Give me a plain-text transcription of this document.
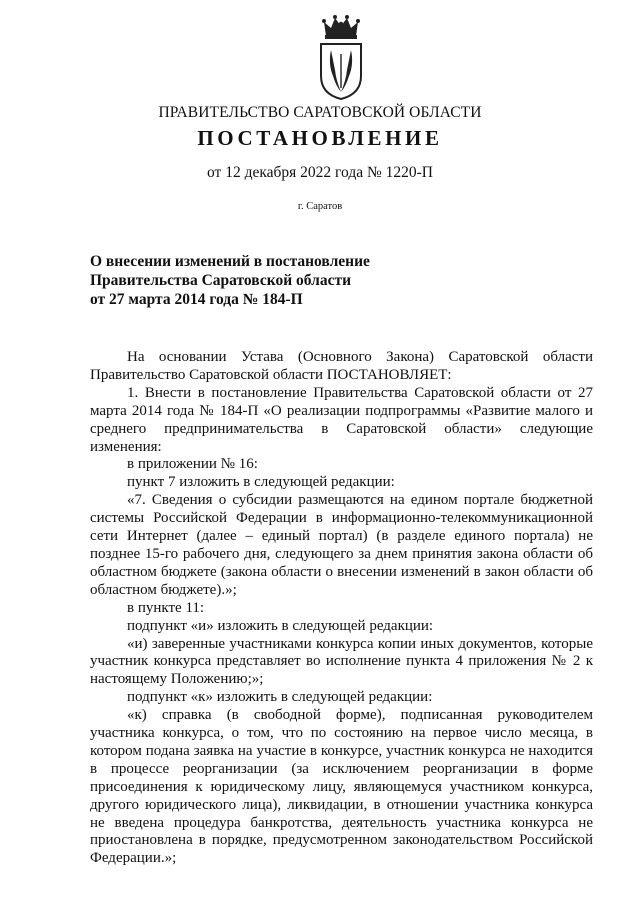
ПРАВИТЕЛЬСТВО САРАТОВСКОЙ ОБЛАСТИ
ПОСТАНОВЛЕНИЕ
от 12 декабря 2022 года № 1220-П
г. Саратов
О внесении изменений в постановление
Правительства Саратовской области
от 27 марта 2014 года № 184-П
На основании Устава (Основного Закона) Саратовской области Правительство Саратовской области ПОСТАНОВЛЯЕТ:
1. Внести в постановление Правительства Саратовской области от 27 марта 2014 года № 184-П «О реализации подпрограммы «Развитие малого и среднего предпринимательства в Саратовской области» следующие изменения:
в приложении № 16:
пункт 7 изложить в следующей редакции:
«7. Сведения о субсидии размещаются на едином портале бюджетной системы Российской Федерации в информационно-телекоммуникационной сети Интернет (далее – единый портал) (в разделе единого портала) не позднее 15-го рабочего дня, следующего за днем принятия закона области об областном бюджете (закона области о внесении изменений в закон области об областном бюджете).»;
в пункте 11:
подпункт «и» изложить в следующей редакции:
«и) заверенные участниками конкурса копии иных документов, которые участник конкурса представляет во исполнение пункта 4 приложения № 2 к настоящему Положению;»;
подпункт «к» изложить в следующей редакции:
«к) справка (в свободной форме), подписанная руководителем участника конкурса, о том, что по состоянию на первое число месяца, в котором подана заявка на участие в конкурсе, участник конкурса не находится в процессе реорганизации (за исключением реорганизации в форме присоединения к юридическому лицу, являющемуся участником конкурса, другого юридического лица), ликвидации, в отношении участника конкурса не введена процедура банкротства, деятельность участника конкурса не приостановлена в порядке, предусмотренном законодательством Российской Федерации.»;
